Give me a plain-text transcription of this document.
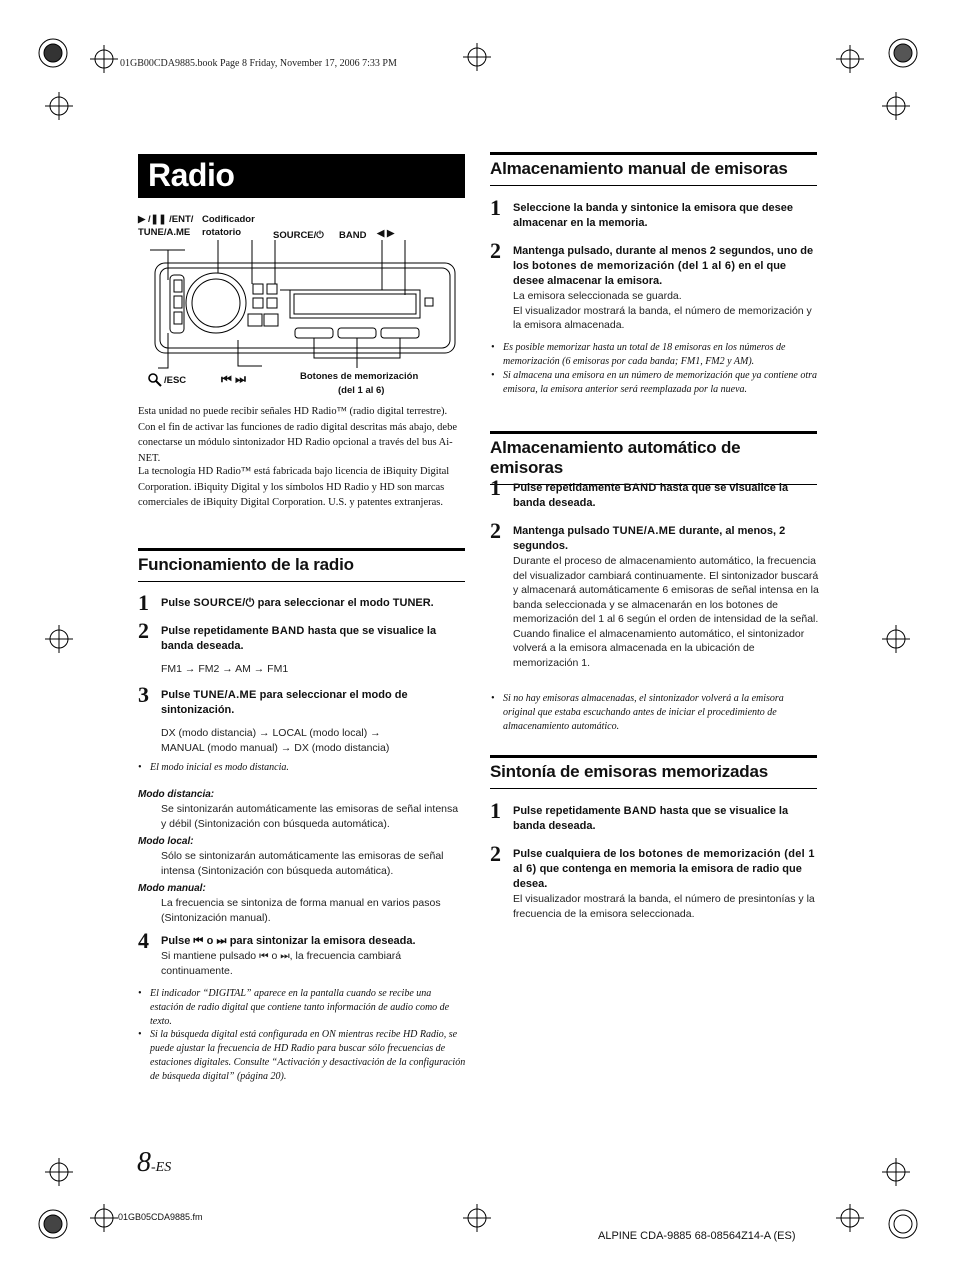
01GB00CDA9885.book Page 8 Friday, November 17, 2006 7:33 PM
Radio
▶ /❚❚ /ENT/
TUNE/A.ME
Codificador
rotatorio	SOURCE/⏻ BAND ◀ ▶
/ESC	⏮ ⏭	Botones de memorización
(del 1 al 6)
Esta unidad no puede recibir señales HD Radio™ (radio digital terrestre). Con el fin de activar las funciones de radio digital descritas más abajo, debe conectarse un módulo sintonizador HD Radio opcional a través del bus Ai-NET.
La tecnología HD Radio™ está fabricada bajo licencia de iBiquity Digital Corporation. iBiquity Digital y los símbolos HD Radio y HD son marcas comerciales de iBiquity Digital Corporation. U.S. y patentes extranjeras.
Funcionamiento de la radio
1 Pulse SOURCE/⏻ para seleccionar el modo TUNER.
2 Pulse repetidamente BAND hasta que se visualice la banda deseada.
FM1 → FM2 → AM → FM1
3 Pulse TUNE/A.ME para seleccionar el modo de sintonización.
DX (modo distancia) → LOCAL (modo local) →
MANUAL (modo manual) → DX (modo distancia)
• El modo inicial es modo distancia.
Modo distancia:
Se sintonizarán automáticamente las emisoras de señal intensa y débil (Sintonización con búsqueda automática).
Modo local:
Sólo se sintonizarán automáticamente las emisoras de señal intensa (Sintonización con búsqueda automática).
Modo manual:
La frecuencia se sintoniza de forma manual en varios pasos (Sintonización manual).
4 Pulse ⏮ o ⏭ para sintonizar la emisora deseada.
Si mantiene pulsado ⏮ o ⏭, la frecuencia cambiará continuamente.
• El indicador “DIGITAL” aparece en la pantalla cuando se recibe una estación de radio digital que contiene tanto información de audio como de texto.
• Si la búsqueda digital está configurada en ON mientras recibe HD Radio, se puede ajustar la frecuencia de HD Radio para buscar sólo frecuencias de estaciones digitales. Consulte “Activación y desactivación de la configuración de búsqueda digital” (página 20).
Almacenamiento manual de emisoras
1 Seleccione la banda y sintonice la emisora que desee almacenar en la memoria.
2 Mantenga pulsado, durante al menos 2 segundos, uno de los botones de memorización (del 1 al 6) en el que desee almacenar la emisora.
La emisora seleccionada se guarda.
El visualizador mostrará la banda, el número de memorización y la emisora almacenada.
• Es posible memorizar hasta un total de 18 emisoras en los números de memorización (6 emisoras por cada banda; FM1, FM2 y AM).
• Si almacena una emisora en un número de memorización que ya contiene otra emisora, la emisora anterior será reemplazada por la nueva.
Almacenamiento automático de emisoras
1 Pulse repetidamente BAND hasta que se visualice la banda deseada.
2 Mantenga pulsado TUNE/A.ME durante, al menos, 2 segundos.
Durante el proceso de almacenamiento automático, la frecuencia del visualizador cambiará continuamente. El sintonizador buscará y almacenará automáticamente 6 emisoras de señal intensa en la banda seleccionada y se almacenarán en los botones de memorización del 1 al 6 según el orden de intensidad de la señal.
Cuando finalice el almacenamiento automático, el sintonizador volverá a la emisora almacenada en la ubicación de memorización 1.
• Si no hay emisoras almacenadas, el sintonizador volverá a la emisora original que estaba escuchando antes de iniciar el procedimiento de almacenamiento automático.
Sintonía de emisoras memorizadas
1 Pulse repetidamente BAND hasta que se visualice la banda deseada.
2 Pulse cualquiera de los botones de memorización (del 1 al 6) que contenga en memoria la emisora de radio que desea.
El visualizador mostrará la banda, el número de presintonías y la frecuencia de la emisora seleccionada.
8-ES
01GB05CDA9885.fm
ALPINE CDA-9885 68-08564Z14-A (ES)
